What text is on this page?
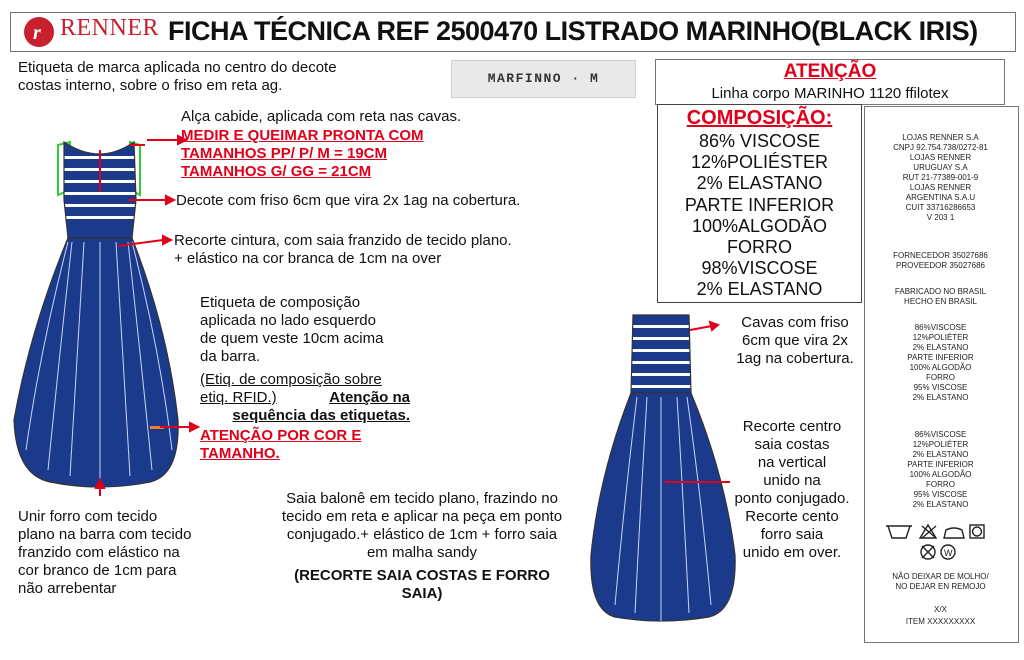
r RENNER FICHA TÉCNICA REF 2500470 LISTRADO MARINHO(BLACK IRIS)
Etiqueta de marca aplicada no centro do decote
costas interno, sobre o friso em reta ag.	MARFINNO · M	ATENÇÃO
Linha corpo MARINHO 1120 ffilotex
COMPOSIÇÃO:
86% VISCOSE
12%POLIÉSTER
2% ELASTANO
PARTE INFERIOR
100%ALGODÃO
FORRO
98%VISCOSE
2% ELASTANO
LOJAS RENNER S.A
CNPJ 92.754.738/0272-81
LOJAS RENNER
URUGUAY S.A
RUT 21-77389-001-9
LOJAS RENNER
ARGENTINA S.A.U
CUIT 33716286653
V 203 1
FORNECEDOR 35027686
PROVEEDOR 35027686
FABRICADO NO BRASIL
HECHO EN BRASIL
86%VISCOSE
12%POLIÉTER
2% ELASTANO
PARTE INFERIOR
100% ALGODÃO
FORRO
95% VISCOSE
2% ELASTANO
86%VISCOSE
12%POLIÉTER
2% ELASTANO
PARTE INFERIOR
100% ALGODÃO
FORRO
95% VISCOSE
2% ELASTANO
W
NÃO DEIXAR DE MOLHO/
NO DEJAR EN REMOJO
X/X
ITEM XXXXXXXXX
Alça cabide, aplicada com reta nas cavas.
MEDIR E QUEIMAR PRONTA COM
TAMANHOS PP/ P/ M = 19CM
TAMANHOS G/ GG = 21CM
Decote com friso 6cm que vira 2x 1ag na cobertura.
Recorte cintura, com saia franzido de tecido plano.
+ elástico na cor branca de 1cm na over
Etiqueta de composição
aplicada no lado esquerdo
de quem veste 10cm acima
da barra.
(Etiq. de composição sobre
etiq. RFID.)	Atenção na
sequência das etiquetas.
ATENÇÃO POR COR E
TAMANHO.
Unir forro com tecido
plano na barra com tecido
franzido com elástico na
cor branco de 1cm para
não arrebentar
Saia balonê em tecido plano, frazindo no
tecido em reta e aplicar na peça em ponto
conjugado.+ elástico de 1cm + forro saia
em malha sandy
(RECORTE SAIA COSTAS E FORRO
SAIA)
Cavas com friso
6cm que vira 2x
1ag na cobertura.
Recorte centro
saia costas
na vertical
unido na
ponto conjugado.
Recorte cento
forro saia
unido em over.
